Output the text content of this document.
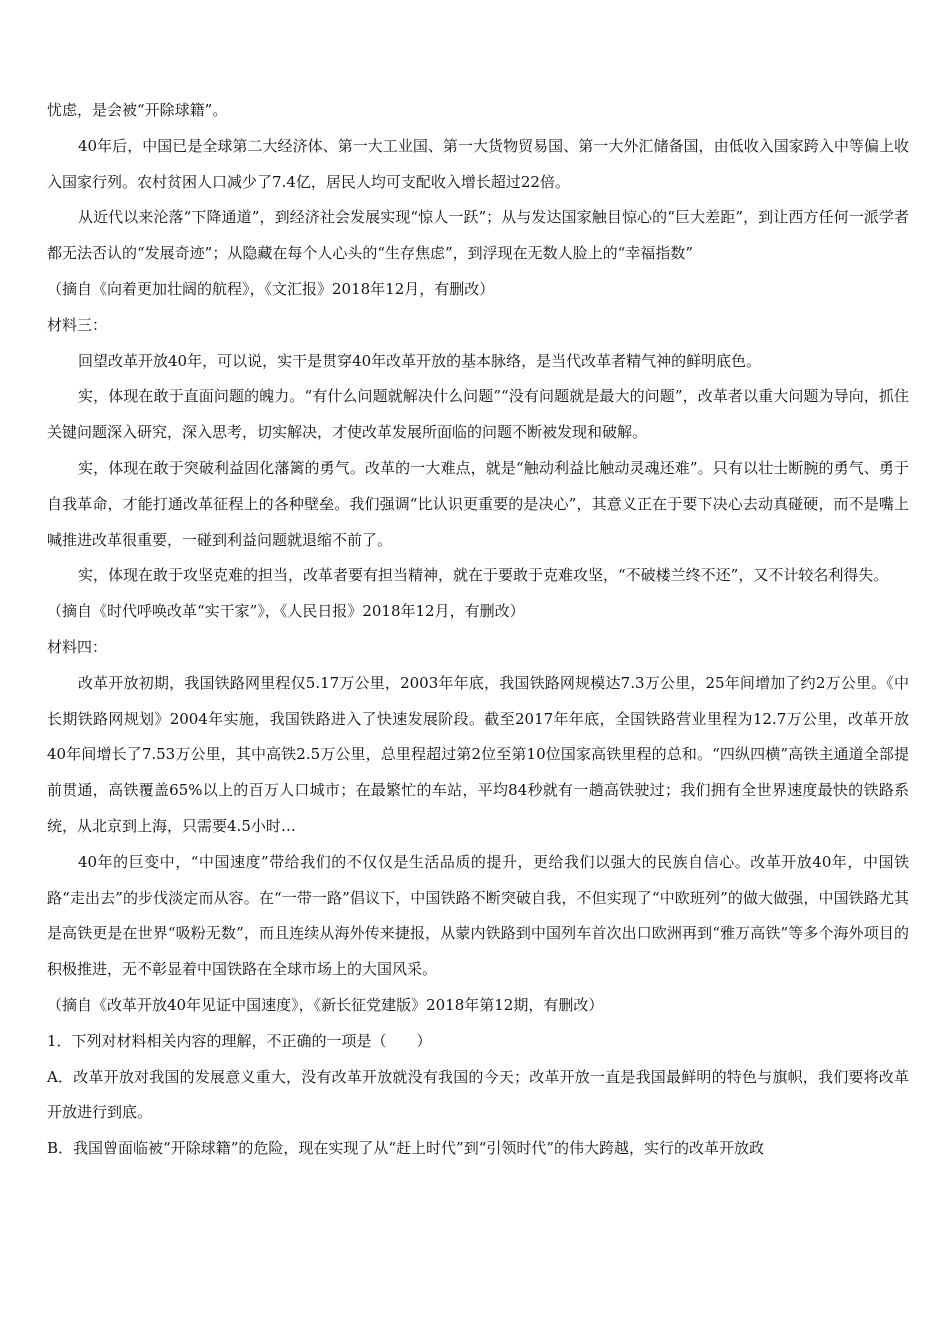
忧虑，是会被“开除球籍”。

40年后，中国已是全球第二大经济体、第一大工业国、第一大货物贸易国、第一大外汇储备国，由低收入国家跨入中等偏上收入国家行列。农村贫困人口减少了7.4亿，居民人均可支配收入增长超过22倍。

从近代以来沦落“下降通道”，到经济社会发展实现“惊人一跃”；从与发达国家触目惊心的“巨大差距”，到让西方任何一派学者都无法否认的“发展奇迹”；从隐藏在每个人心头的“生存焦虑”，到浮现在无数人脸上的“幸福指数”

（摘自《向着更加壮阔的航程》，《文汇报》2018年12月，有删改）

材料三：

回望改革开放40年，可以说，实干是贯穿40年改革开放的基本脉络，是当代改革者精气神的鲜明底色。

实，体现在敢于直面问题的魄力。“有什么问题就解决什么问题”“没有问题就是最大的问题”，改革者以重大问题为导向，抓住关键问题深入研究，深入思考，切实解决，才使改革发展所面临的问题不断被发现和破解。

实，体现在敢于突破利益固化藩篱的勇气。改革的一大难点，就是“触动利益比触动灵魂还难”。只有以壮士断腕的勇气、勇于自我革命，才能打通改革征程上的各种壁垒。我们强调“比认识更重要的是决心”，其意义正在于要下决心去动真碰硬，而不是嘴上喊推进改革很重要，一碰到利益问题就退缩不前了。

实，体现在敢于攻坚克难的担当，改革者要有担当精神，就在于要敢于克难攻坚，“不破楼兰终不还”，又不计较名利得失。

（摘自《时代呼唤改革“实干家”》，《人民日报》2018年12月，有删改）

材料四：

改革开放初期，我国铁路网里程仅5.17万公里，2003年年底，我国铁路网规模达7.3万公里，25年间增加了约2万公里。《中长期铁路网规划》2004年实施，我国铁路进入了快速发展阶段。截至2017年年底，全国铁路营业里程为12.7万公里，改革开放40年间增长了7.53万公里，其中高铁2.5万公里，总里程超过第2位至第10位国家高铁里程的总和。“四纵四横”高铁主通道全部提前贯通，高铁覆盖65%以上的百万人口城市；在最繁忙的车站，平均84秒就有一趟高铁驶过；我们拥有全世界速度最快的铁路系统，从北京到上海，只需要4.5小时…

40年的巨变中，“中国速度”带给我们的不仅仅是生活品质的提升，更给我们以强大的民族自信心。改革开放40年，中国铁路“走出去”的步伐淡定而从容。在“一带一路”倡议下，中国铁路不断突破自我，不但实现了“中欧班列”的做大做强，中国铁路尤其是高铁更是在世界“吸粉无数”，而且连续从海外传来捷报，从蒙内铁路到中国列车首次出口欧洲再到“雅万高铁”等多个海外项目的积极推进，无不彰显着中国铁路在全球市场上的大国风采。

（摘自《改革开放40年见证中国速度》，《新长征党建版》2018年第12期，有删改）

1．下列对材料相关内容的理解，不正确的一项是（　　）

A．改革开放对我国的发展意义重大，没有改革开放就没有我国的今天；改革开放一直是我国最鲜明的特色与旗帜，我们要将改革开放进行到底。

B．我国曾面临被“开除球籍”的危险，现在实现了从“赶上时代”到“引领时代”的伟大跨越，实行的改革开放政
